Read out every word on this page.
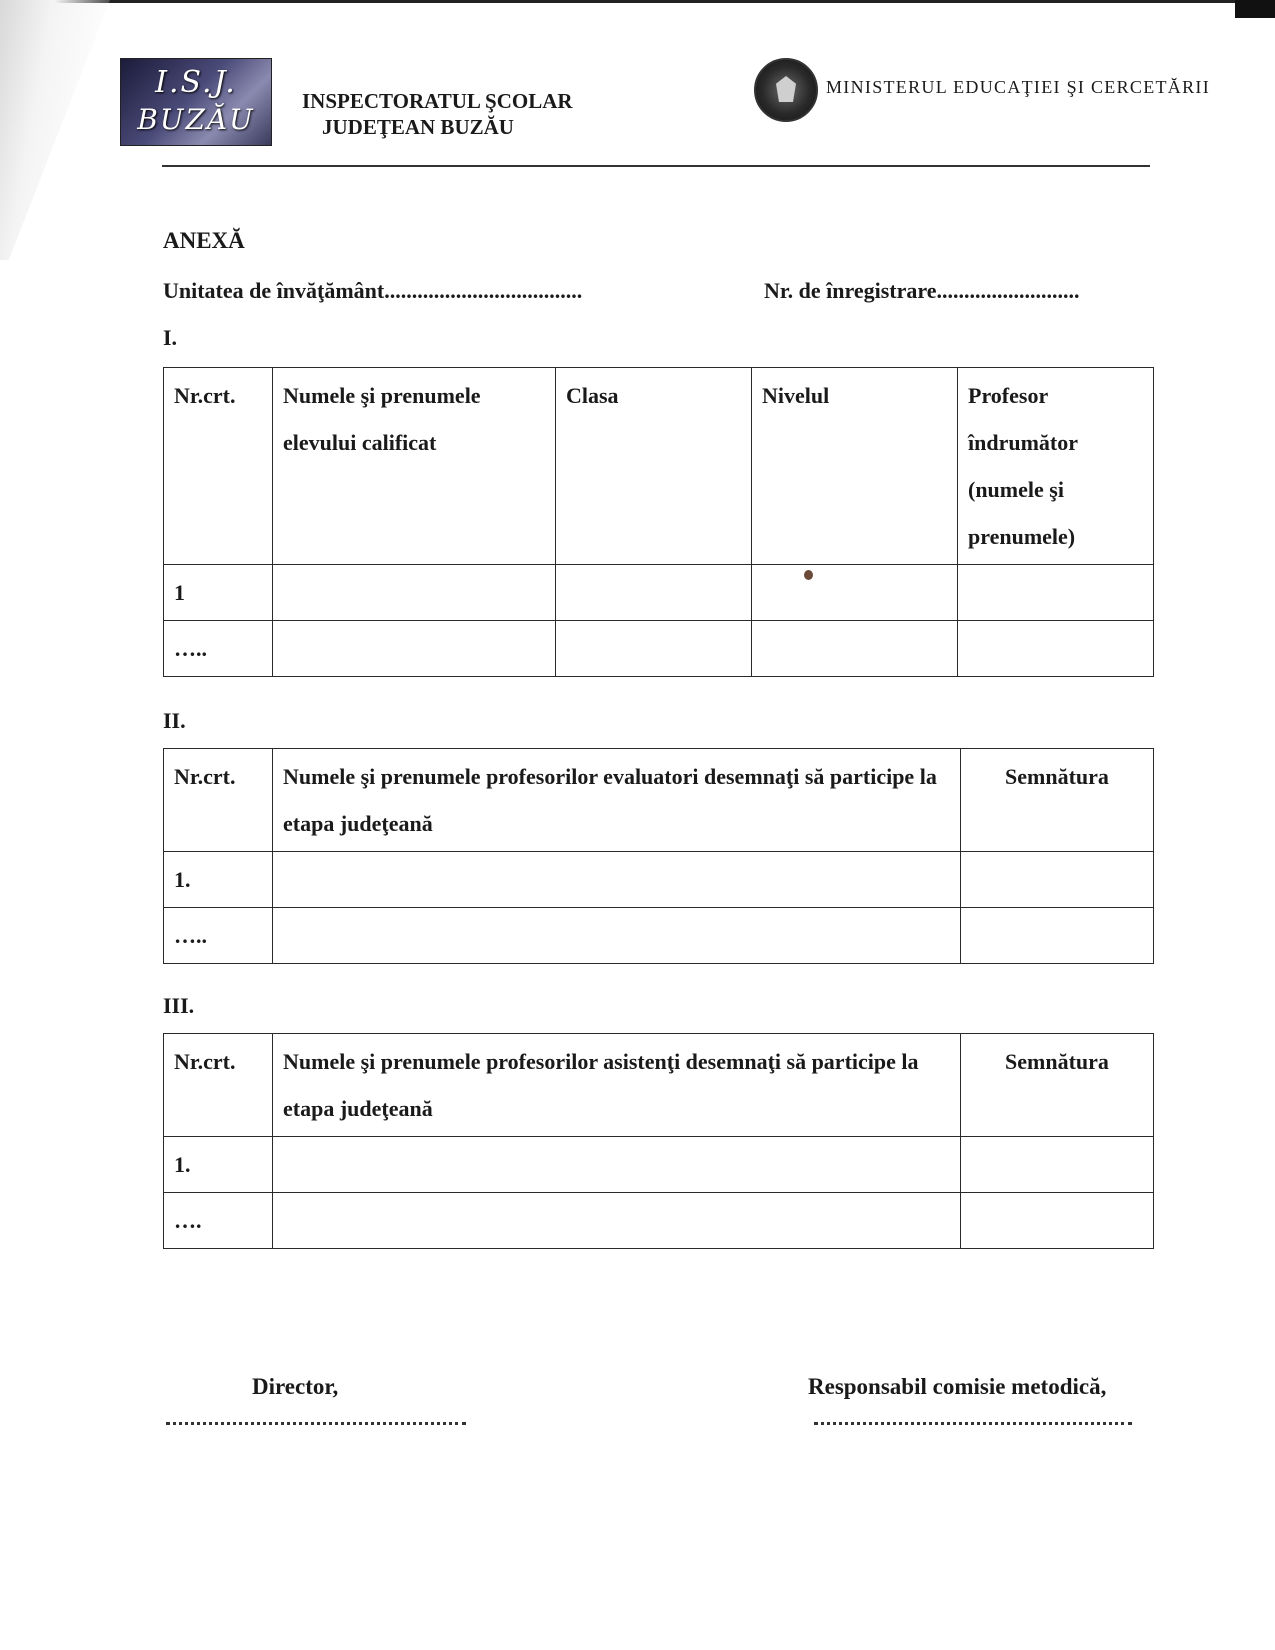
I.S.J.
BUZĂU
INSPECTORATUL ŞCOLAR
JUDEŢEAN BUZĂU
MINISTERUL EDUCAŢIEI ŞI CERCETĂRII
ANEXĂ
Unitatea de învăţământ....................................	Nr. de înregistrare..........................
I.
Nr.crt.	Numele şi prenumele elevului calificat	Clasa	Nivelul	Profesor îndrumător (numele şi prenumele)
1				
…..				
II.
Nr.crt.	Numele şi prenumele profesorilor evaluatori desemnaţi să participe la etapa judeţeană	Semnătura
1.		
…..		
III.
Nr.crt.	Numele şi prenumele profesorilor asistenţi desemnaţi să participe la etapa judeţeană	Semnătura
1.		
….		
Director,	Responsabil comisie metodică,
